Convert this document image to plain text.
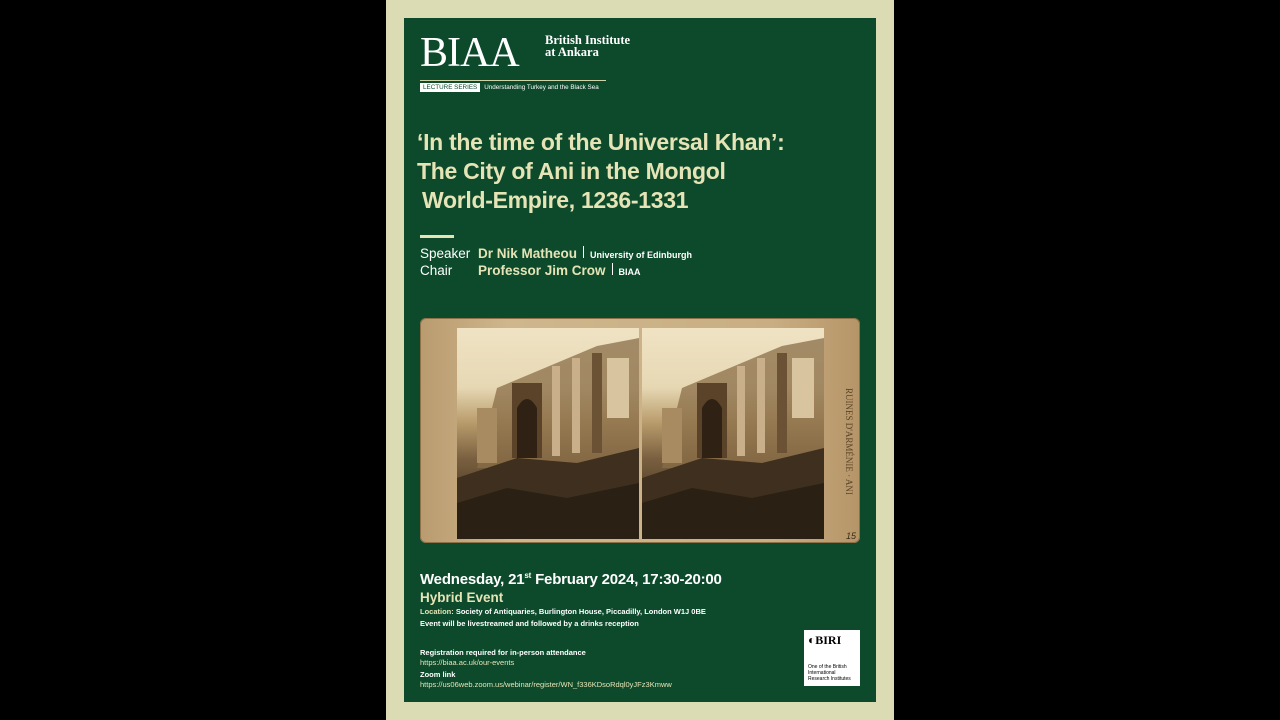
BIAA British Institute at Ankara
LECTURE SERIES	Understanding Turkey and the Black Sea
‘In the time of the Universal Khan’:
The City of Ani in the Mongol
World-Empire, 1236-1331
Speaker Dr Nik Matheou University of Edinburgh
Chair	Professor Jim Crow BIAA
RUINES D'ARMÉNIE · ANI
15
Wednesday, 21st February 2024, 17:30-20:00
Hybrid Event
Location: Society of Antiquaries, Burlington House, Piccadilly, London W1J 0BE
Event will be livestreamed and followed by a drinks reception
Registration required for in-person attendance
https://biaa.ac.uk/our-events
Zoom link
https://us06web.zoom.us/webinar/register/WN_f336KDsoRdql0yJFz3Kmww
◐BIRI
One of the British International Research Institutes
